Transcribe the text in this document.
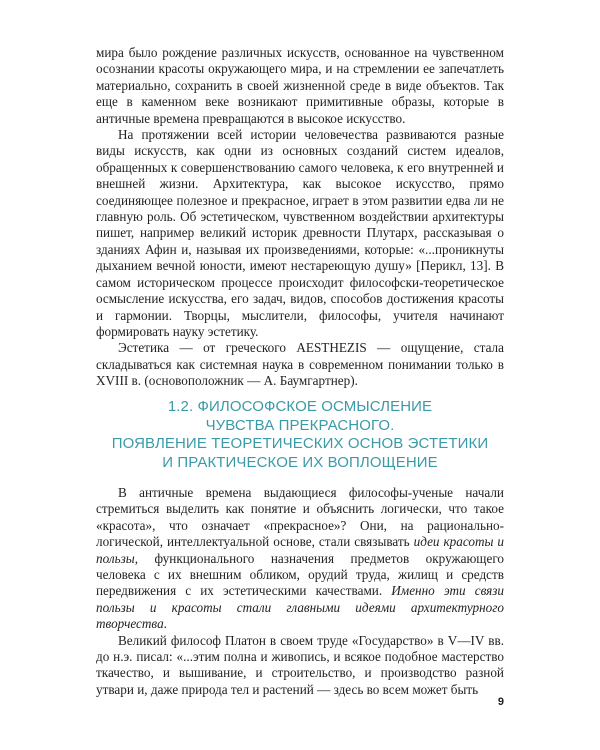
мира было рождение различных искусств, основанное на чувственном осознании красоты окружающего мира, и на стремлении ее запечатлеть материально, сохранить в своей жизненной среде в виде объектов. Так еще в каменном веке возникают примитивные образы, которые в античные времена превращаются в высокое искусство.

На протяжении всей истории человечества развиваются разные виды искусств, как одни из основных созданий систем идеалов, обращенных к совершенствованию самого человека, к его внутренней и внешней жизни. Архитектура, как высокое искусство, прямо соединяющее полезное и прекрасное, играет в этом развитии едва ли не главную роль. Об эстетическом, чувственном воздействии архитектуры пишет, например великий историк древности Плутарх, рассказывая о зданиях Афин и, называя их произведениями, которые: «...проникнуты дыханием вечной юности, имеют нестареющую душу» [Перикл, 13]. В самом историческом процессе происходит философски-теоретическое осмысление искусства, его задач, видов, способов достижения красоты и гармонии. Творцы, мыслители, философы, учителя начинают формировать науку эстетику.

Эстетика — от греческого AESTHEZIS — ощущение, стала складываться как системная наука в современном понимании только в XVIII в. (основоположник — А. Баумгартнер).

1.2. ФИЛОСОФСКОЕ ОСМЫСЛЕНИЕ
ЧУВСТВА ПРЕКРАСНОГО.
ПОЯВЛЕНИЕ ТЕОРЕТИЧЕСКИХ ОСНОВ ЭСТЕТИКИ
И ПРАКТИЧЕСКОЕ ИХ ВОПЛОЩЕНИЕ

В античные времена выдающиеся философы-ученые начали стремиться выделить как понятие и объяснить логически, что такое «красота», что означает «прекрасное»? Они, на рационально-логической, интеллектуальной основе, стали связывать идеи красоты и пользы, функционального назначения предметов окружающего человека с их внешним обликом, орудий труда, жилищ и средств передвижения с их эстетическими качествами. Именно эти связи пользы и красоты стали главными идеями архитектурного творчества.

Великий философ Платон в своем труде «Государство» в V—IV вв. до н.э. писал: «...этим полна и живопись, и всякое подобное мастерство ткачество, и вышивание, и строительство, и производство разной утвари и, даже природа тел и растений — здесь во всем может быть

9
